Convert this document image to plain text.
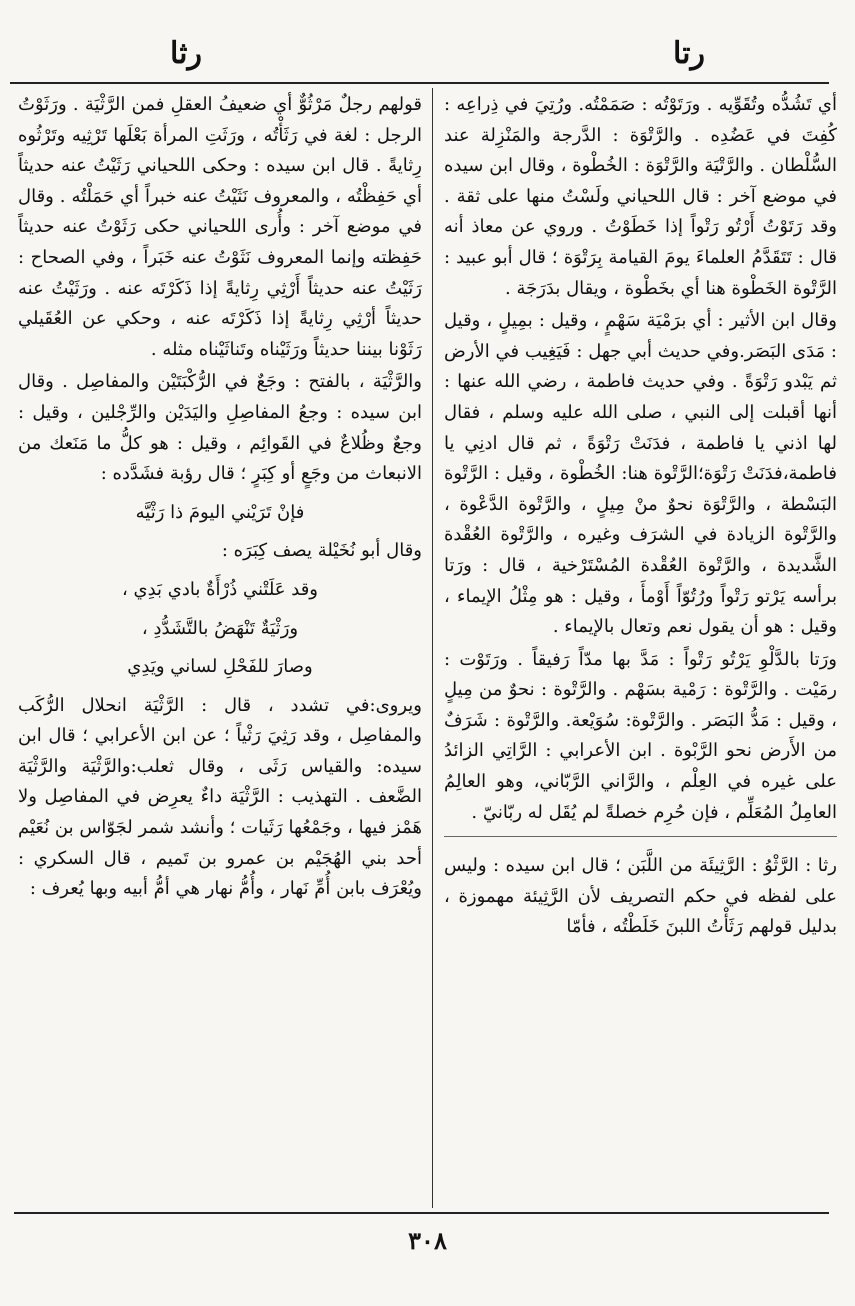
رتا
رثا

أي تَشُدُّه وتُقَوِّيه . ورَتَوْتُه : صَمَمْتُه. ورُتِيَ في ذِراعِه : كُفِتَ في عَضُدِه . والرَّتْوَة : الدَّرجة والمَنْزِلة عند السُّلْطان . والرَّتْيَة والرَّتْوَة : الخُطْوة ، وقال ابن سيده في موضع آخر : قال اللحياني ولَسْتُ منها على ثقة . وقد رَتَوْتُ أَرْتُو رَتْواً إذا خَطَوْتُ . وروي عن معاذ أنه قال : تَتَقَدَّمُ العلماءَ يومَ القيامة بِرَتْوَة ؛ قال أبو عبيد : الرَّتْوة الخَطْوة هنا أي بخَطْوة ، ويقال بدَرَجَة .

وقال ابن الأثير : أي برَمْيَة سَهْمٍ ، وقيل : بمِيلٍ ، وقيل : مَدَى البَصَر.وفي حديث أبي جهل : فَيَغِيب في الأرض ثم يَبْدو رَتْوَةً . وفي حديث فاطمة ، رضي الله عنها : أنها أقبلت إلى النبي ، صلى الله عليه وسلم ، فقال لها اذني يا فاطمة ، فدَنَتْ رَتْوَةً ، ثم قال ادنِي يا فاطمة،فدَنَتْ رَتْوَة؛الرَّتْوة هنا: الخُطْوة ، وقيل : الرَّتْوة البَسْطة ، والرَّتْوَة نحوٌ منْ مِيلٍ ، والرَّتْوة الدَّعْوة ، والرَّتْوة الزيادة في الشرَف وغيره ، والرَّتْوة العُقْدة الشَّديدة ، والرَّتْوة العُقْدة المُسْتَرْخية ، قال : ورَتا برأسه يَرْتو رَتْواً ورُتُوّاً أَوْمأَ ، وقيل : هو مِثْلُ الإيماء ، وقيل : هو أن يقول نعم وتعال بالإيماء .

ورَتا بالدَّلْوِ يَرْتُو رَتْواً : مَدَّ بها مدّاً رَفيقاً . ورَتَوْت : رمَيْت . والرَّتْوة : رَمْية بسَهْم . والرَّتْوة : نحوٌ من مِيلٍ ، وقيل : مَدُّ البَصَر . والرَّتْوة: سُوَيْعة. والرَّتْوة : شَرَفٌ من الأَرض نحو الرَّبْوة . ابن الأعرابي : الرَّاتِي الزائدُ على غيره في العِلْم ، والرَّاني الرَّبّاني، وهو العالِمُ العامِلُ المُعَلِّم ، فإن حُرِم خصلةً لم يُقَل له ربّانيّ .

رثا : الرَّثْوُ : الرَّثِيئَة من اللَّبَن ؛ قال ابن سيده : وليس على لفظه في حكم التصريف لأن الرَّثِيئة مهموزة ، بدليل قولهم رَثَأْتُ اللبنَ خَلَطْتُه ، فأمّا

قولهم رجلٌ مَرْثُوٌّ أي ضعيفُ العقلِ فمن الرَّثْيَة . ورَثَوْتُ الرجل : لغة في رَثَأْتُه ، ورَثَتِ المرأة بَعْلَها تَرْثِيه وتَرْثُوه رِثايةً . قال ابن سيده : وحكى اللحياني رَثَيْتُ عنه حديثاً أي حَفِظْتُه ، والمعروف نَثَيْتُ عنه خبراً أي حَمَلْتُه . وقال في موضع آخر : وأُرى اللحياني حكى رَثَوْتُ عنه حديثاً حَفِظته وإنما المعروف نَثَوْتُ عنه خَبَراً ، وفي الصحاح : رَثَيْتُ عنه حديثاً أَرْثِي رِثايةً إذا ذَكَرْتَه عنه . ورَثَيْتُ عنه حديثاً أرْثِي رِثايةً إذا ذَكَرْتَه عنه ، وحكي عن العُقَيلي رَثَوْنا بيننا حديثاً ورَثَيْناه وتَناثَيْناه مثله .

والرَّثْيَة ، بالفتح : وجَعٌ في الرُّكْبَتَيْن والمفاصِل . وقال ابن سيده : وجعُ المفاصِلِ واليَدَيْن والرِّجْلين ، وقيل : وجعٌ وظُلاعٌ في القَوائِم ، وقيل : هو كلُّ ما مَنَعك من الانبعاث من وجَعٍ أو كِبَرٍ ؛ قال رؤبة فشَدَّده :

فإنْ تَرَيْني اليومَ ذا رَثْيَّه

وقال أبو نُخَيْلة يصف كِبَرَه :

وقد عَلَتْني ذُرْأَةٌ بادي بَدِي ،

ورَثْيَةٌ تَنْهَضُ بالتَّشَدُّدِ ،

وصارَ للفَحْلِ لساني ويَدِي

ويروى:في تشدد ، قال : الرَّثْيَة انحلال الرُّكَب والمفاصِل ، وقد رَثِيَ رَثْياً ؛ عن ابن الأعرابي ؛ قال ابن سيده: والقياس رَثَى ، وقال ثعلب:والرَّثْيَة والرَّثْيَة الضَّعف . التهذيب : الرَّثْيَة داءٌ يعرِض في المفاصِل ولا هَمْز فيها ، وجَمْعُها رَثَيات ؛ وأنشد شمر لجَوّاس بن نُعَيْم أحد بني الهُجَيْم بن عمرو بن تَميم ، قال السكري : ويُعْرَف بابن أُمِّ نَهار ، وأُمُّ نهار هي أمُّ أبيه وبها يُعرف :

٣٠٨
